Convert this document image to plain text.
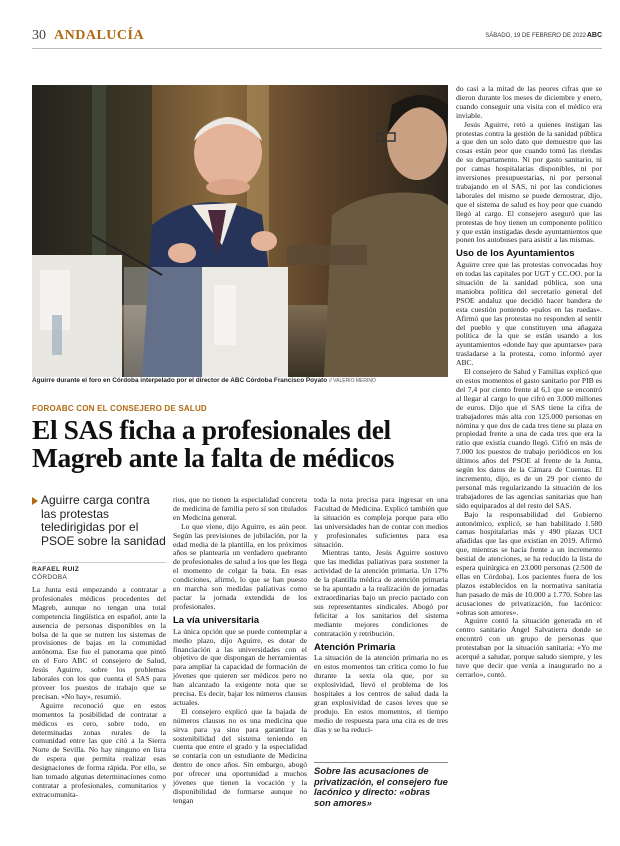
30 ANDALUCÍA	SÁBADO, 19 DE FEBRERO DE 2022 ABC
Aguirre durante el foro en Córdoba interpelado por el director de ABC Córdoba Francisco Poyato // VALERIO MERINO
FOROABC CON EL CONSEJERO DE SALUD
El SAS ficha a profesionales del Magreb ante la falta de médicos
Aguirre carga contra las protestas teledirigidas por el PSOE sobre la sanidad
RAFAEL RUIZ
CÓRDOBA

La Junta está empezando a contratar a profesionales médicos procedentes del Magreb, aunque no tengan una total competencia lingüística en español, ante la ausencia de personas disponibles en la bolsa de la que se nutren los sistemas de provisiones de bajas en la comunidad autónoma. Ese fue el panorama que pintó en el Foro ABC el consejero de Salud, Jesús Aguirre, sobre los problemas laborales con los que cuenta el SAS para proveer los puestos de trabajo que se precisan. «No hay», resumió.

Aguirre reconoció que en estos momentos la posibilidad de contratar a médicos es cero, sobre todo, en determinadas zonas rurales de la comunidad entre las que citó a la Sierra Norte de Sevilla. No hay ninguno en lista de espera que permita realizar esas designaciones de forma rápida. Por ello, se han tomado algunas determinaciones como contratar a profesionales, comunitarios y extracomunita-

rios, que no tienen la especialidad concreta de medicina de familia pero sí son titulados en Medicina general.

Lo que viene, dijo Aguirre, es aún peor. Según las previsiones de jubilación, por la edad media de la plantilla, en los próximos años se plantearía un verdadero quebranto de profesionales de salud a los que les llega el momento de colgar la bata. En esas condiciones, afirmó, lo que se han puesto en marcha son medidas paliativas como pactar la jornada extendida de los profesionales.

La vía universitaria

La única opción que se puede contemplar a medio plazo, dijo Aguirre, es dotar de financiación a las universidades con el objetivo de que dispongan de herramientas para ampliar la capacidad de formación de jóvenes que quieren ser médicos pero no han alcanzado la exigente nota que se precisa. Es decir, bajar los números clausus actuales.

El consejero explicó que la bajada de números clausus no es una medicina que sirva para ya sino para garantizar la sostenibilidad del sistema teniendo en cuenta que entre el grado y la especialidad se contaría con un estudiante de Medicina dentro de once años. Sin embargo, abogó por ofrecer una oportunidad a muchos jóvenes que tienen la vocación y la disponibilidad de formarse aunque no tengan

toda la nota precisa para ingresar en una Facultad de Medicina. Explicó también que la situación es compleja porque para ello las universidades han de contar con medios y profesionales suficientes para esa situación.

Mientras tanto, Jesús Aguirre sostuvo que las medidas paliativas para sostener la actividad de la atención primaria. Un 17% de la plantilla médica de atención primaria se ha apuntado a la realización de jornadas extraordinarias bajo un precio pactado con sus representantes sindicales. Abogó por felicitar a los sanitarios del sistema mediante mejores condiciones de contratación y retribución.

Atención Primaria

La situación de la atención primaria no es en estos momentos tan crítica como lo fue durante la sexta ola que, por su explosividad, llevó el problema de los hospitales a los centros de salud dada la gran explosividad de casos leves que se produjo. En estos momentos, el tiempo medio de respuesta para una cita es de tres días y se ha reduci-

Sobre las acusaciones de privatización, el consejero fue lacónico y directo: «obras son amores»

do casi a la mitad de las peores cifras que se dieron durante los meses de diciembre y enero, cuando conseguir una visita con el médico era inviable.

Jesús Aguirre, retó a quienes instigan las protestas contra la gestión de la sanidad pública a que den un solo dato que demuestre que las cosas están peor que cuando tomó las riendas de su departamento. Ni por gasto sanitario, ni por camas hospitalarias disponibles, ni por inversiones presupuestarias, ni por personal trabajando en el SAS, ni por las condiciones laborales del mismo se puede demostrar, dijo, que el sistema de salud es hoy peor que cuando llegó al cargo. El consejero aseguró que las protestas de hoy tienen un componente político y que están instigadas desde ayuntamientos que ponen los autobuses para asistir a las mismas.

Uso de los Ayuntamientos

Aguirre cree que las protestas convocadas hoy en todas las capitales por UGT y CC.OO. por la situación de la sanidad pública, son una maniobra política del secretario general del PSOE andaluz que decidió hacer bandera de esta cuestión poniendo «palos en las ruedas». Afirmó que las protestas no responden al sentir del pueblo y que constituyen una añagaza política de la que se están usando a los ayuntamientos «donde hay que apuntarse» para trasladarse a la protesta, como informó ayer ABC.

El consejero de Salud y Familias explicó que en estos momentos el gasto sanitario por PIB es del 7,4 por ciento frente al 6,1 que se encontró al llegar al cargo lo que cifró en 3.000 millones de euros. Dijo que el SAS tiene la cifra de trabajadores más alta con 125.000 personas en nómina y que dos de cada tres tiene su plaza en propiedad frente a una de cada tres que era la ratio que existía cuando llegó. Cifró en más de 7.000 los puestos de trabajo periódicos en los últimos años del PSOE al frente de la Junta, según los datos de la Cámara de Cuentas. El incremento, dijo, es de un 29 por ciento de personal más regularizando la situación de los trabajadores de las agencias sanitarias que han sido equiparados al del resto del SAS.

Bajo la responsabilidad del Gobierno autonómico, explicó, se han habilitado 1.580 camas hospitalarias más y 490 plazas UCI añadidas que las que existían en 2019. Afirmó que, mientras se hacía frente a un incremento bestial de atenciones, se ha reducido la lista de espera quirúrgica en 23.000 personas (2.500 de ellas en Córdoba). Los pacientes fuera de los plazos establecidos en la normativa sanitaria han pasado de más de 10.000 a 1.770. Sobre las acusaciones de privatización, fue lacónico: «obras son amores».

Aguirre contó la situación generada en el centro sanitario Ángel Salvatierra donde se encontró con un grupo de personas que protestaban por la situación sanitaria: «Yo me acerqué a saludar, porque saludo siempre, y les tuve que decir que venía a inaugurarlo no a cerrarlo», contó.
